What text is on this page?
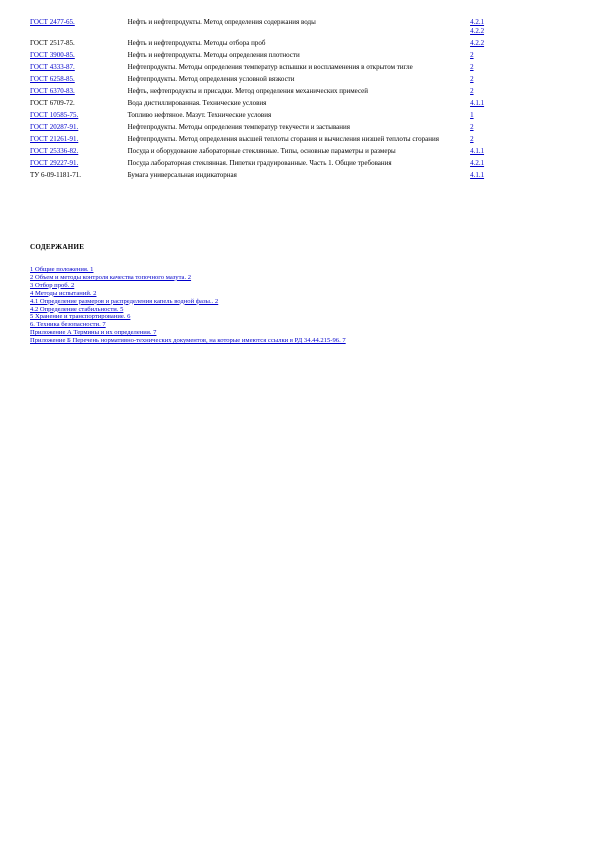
ГОСТ 2477-65.	Нефть и нефтепродукты. Метод определения содержания воды	4.2.1
4.2.2

ГОСТ 2517-85.	Нефть и нефтепродукты. Методы отбора проб	4.2.2

ГОСТ 3900-85.	Нефть и нефтепродукты. Методы определения плотности	2

ГОСТ 4333-87.	Нефтепродукты. Методы определения температур вспышки и воспламенения в открытом тигле	2

ГОСТ 6258-85.	Нефтепродукты. Метод определения условной вязкости	2

ГОСТ 6370-83.	Нефть, нефтепродукты и присадки. Метод определения механических примесей	2

ГОСТ 6709-72.	Вода дистиллированная. Технические условия	4.1.1

ГОСТ 10585-75.	Топливо нефтяное. Мазут. Технические условия	1

ГОСТ 20287-91.	Нефтепродукты. Методы определения температур текучести и застывания	2

ГОСТ 21261-91.	Нефтепродукты. Метод определения высшей теплоты сгорания и вычисления низшей теплоты сгорания	2

ГОСТ 25336-82.	Посуда и оборудование лабораторные стеклянные. Типы, основные параметры и размеры	4.1.1

ГОСТ 29227-91.	Посуда лабораторная стеклянная. Пипетки градуированные. Часть 1. Общие требования	4.2.1

ТУ 6-09-1181-71.	Бумага универсальная индикаторная	4.1.1
СОДЕРЖАНИЕ
1 Общие положения. 1
2 Объем и методы контроля качества топочного мазута. 2
3 Отбор проб. 2
4 Методы испытаний. 2
4.1 Определение размеров и распределения капель водной фазы.. 2
4.2 Определение стабильности. 5
5 Хранение и транспортирование. 6
6. Техника безопасности. 7
Приложение А Термины и их определения. 7
Приложение Б Перечень нормативно-технических документов, на которые имеются ссылки в РД 34.44.215-96. 7
